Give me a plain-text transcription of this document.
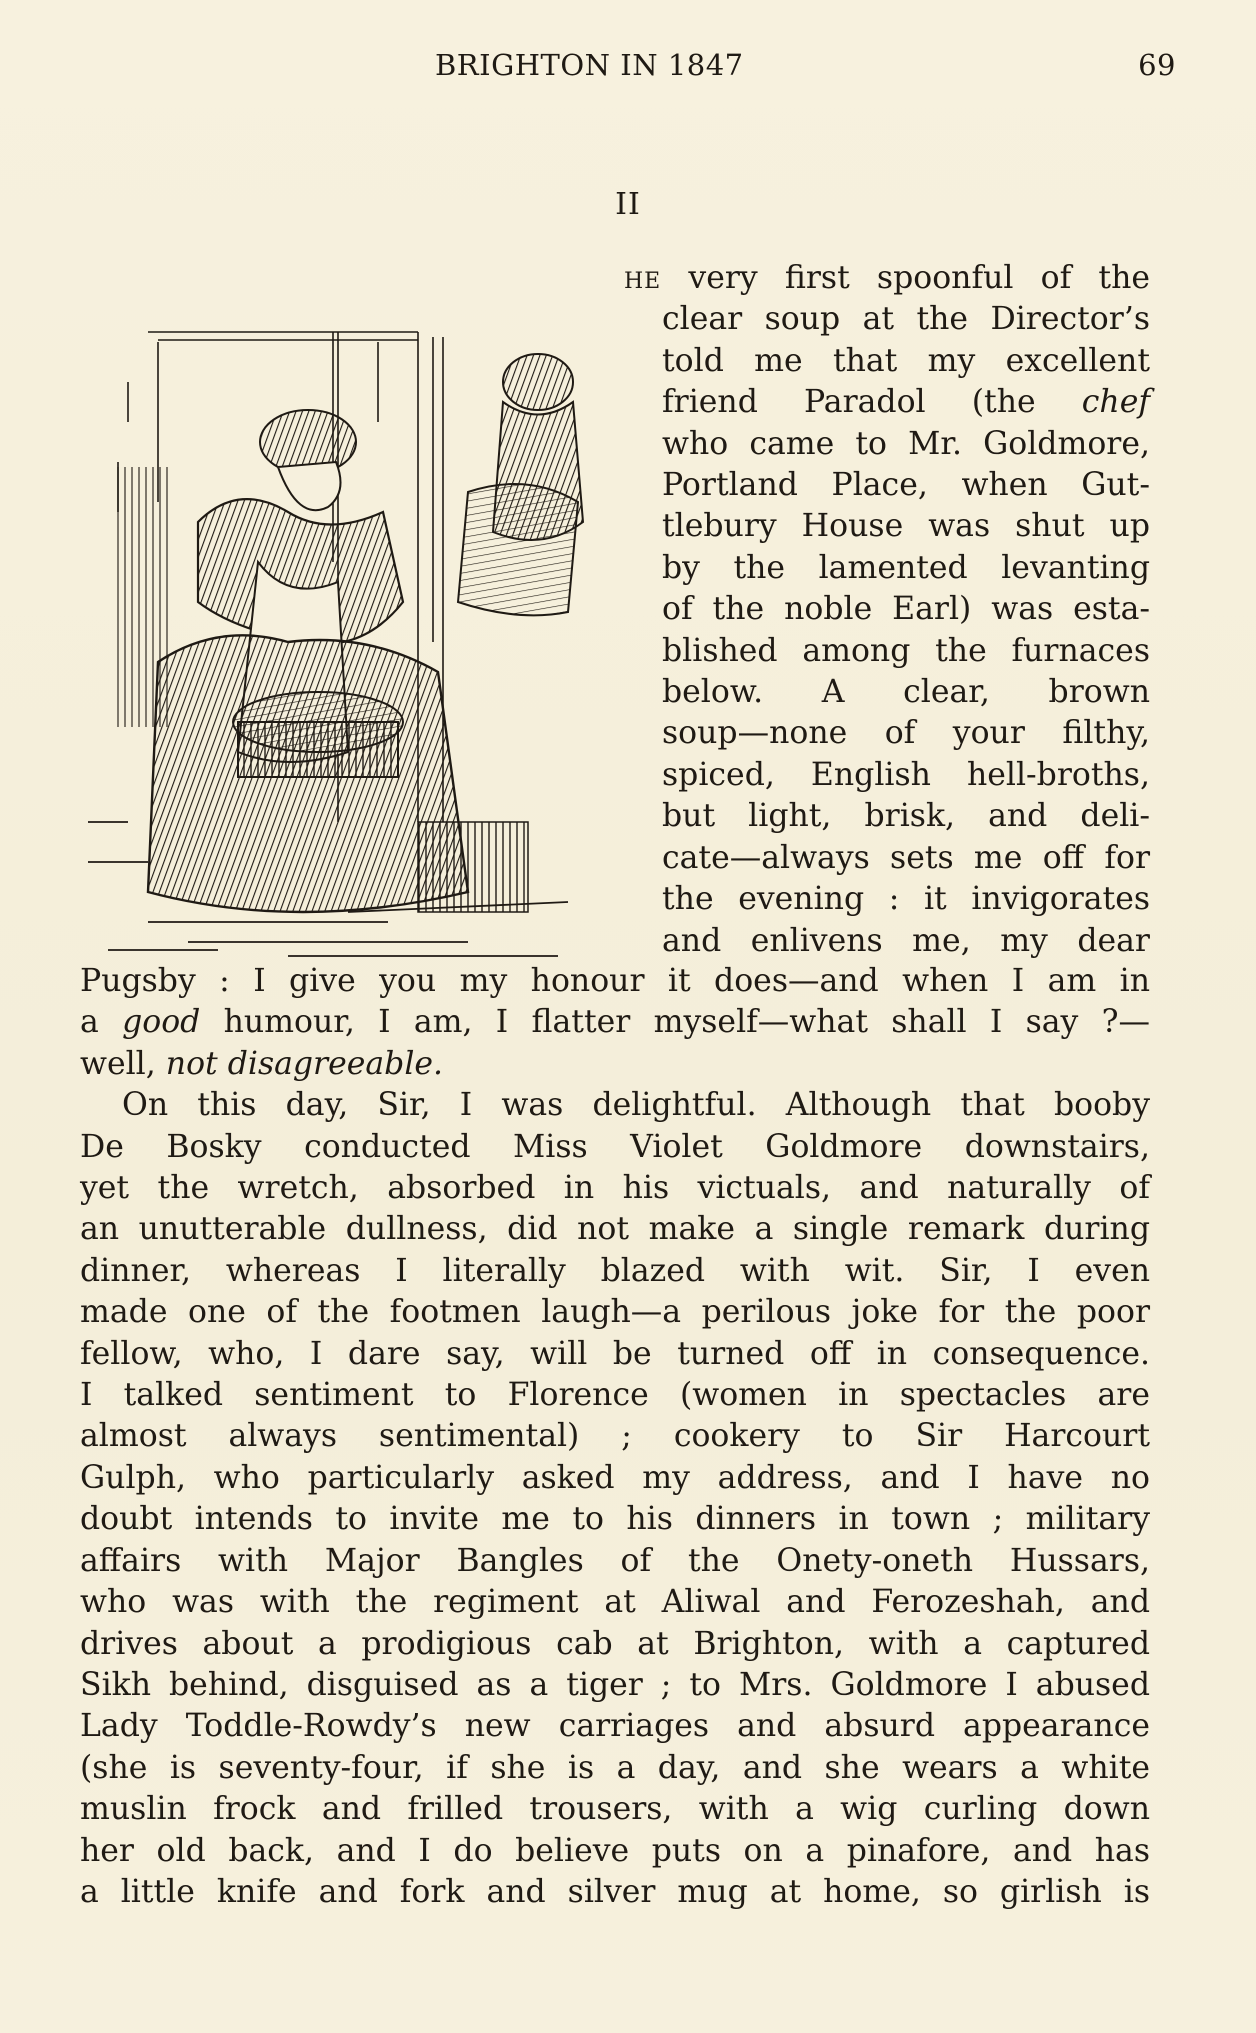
BRIGHTON IN 1847	69
II
he very first spoonful of the
clear soup at the Director’s
told me that my excellent
friend Paradol (the chef
who came to Mr. Goldmore,
Portland Place, when Gut-
tlebury House was shut up
by the lamented levanting
of the noble Earl) was esta-
blished among the furnaces
below. A clear, brown
soup—none of your filthy,
spiced, English hell-broths,
but light, brisk, and deli-
cate—always sets me off for
the evening : it invigorates
and enlivens me, my dear
Pugsby : I give you my honour it does—and when I am in
a good humour, I am, I flatter myself—what shall I say ?—
well, not disagreeable.
On this day, Sir, I was delightful. Although that booby
De Bosky conducted Miss Violet Goldmore downstairs,
yet the wretch, absorbed in his victuals, and naturally of
an unutterable dullness, did not make a single remark during
dinner, whereas I literally blazed with wit. Sir, I even
made one of the footmen laugh—a perilous joke for the poor
fellow, who, I dare say, will be turned off in consequence.
I talked sentiment to Florence (women in spectacles are
almost always sentimental) ; cookery to Sir Harcourt
Gulph, who particularly asked my address, and I have no
doubt intends to invite me to his dinners in town ; military
affairs with Major Bangles of the Onety-oneth Hussars,
who was with the regiment at Aliwal and Ferozeshah, and
drives about a prodigious cab at Brighton, with a captured
Sikh behind, disguised as a tiger ; to Mrs. Goldmore I abused
Lady Toddle-Rowdy’s new carriages and absurd appearance
(she is seventy-four, if she is a day, and she wears a white
muslin frock and frilled trousers, with a wig curling down
her old back, and I do believe puts on a pinafore, and has
a little knife and fork and silver mug at home, so girlish is
